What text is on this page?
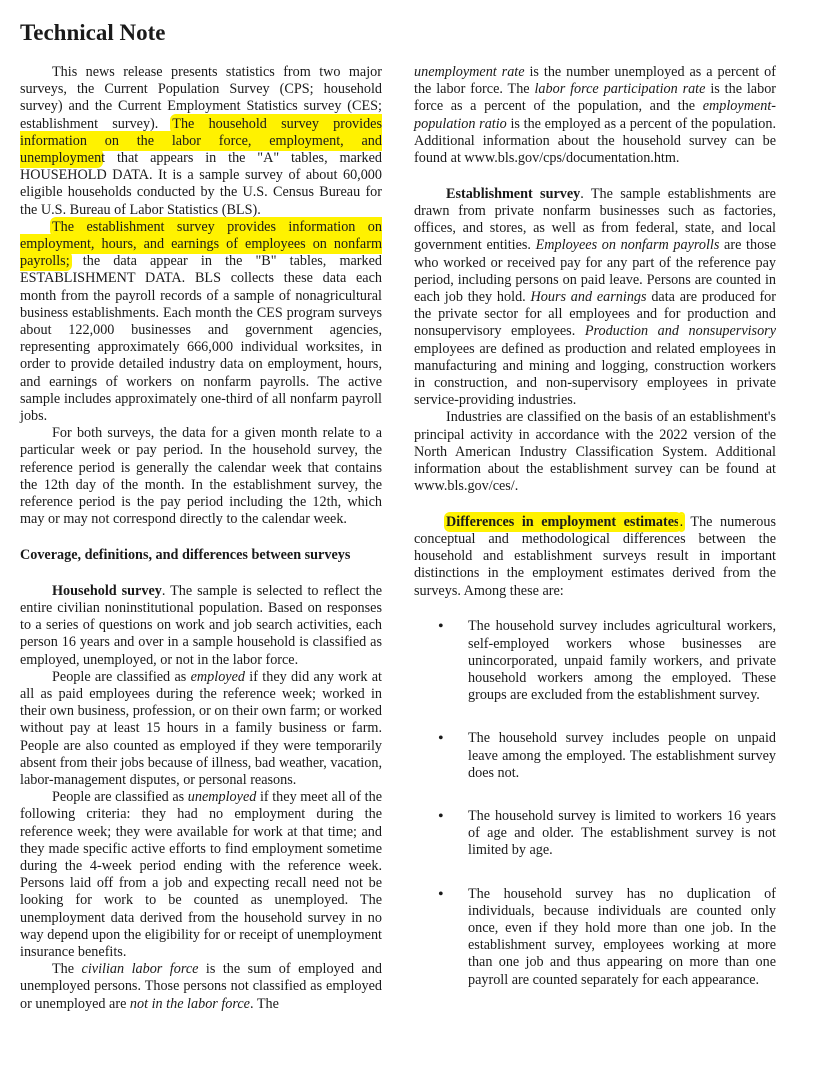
Technical Note

This news release presents statistics from two major surveys, the Current Population Survey (CPS; household survey) and the Current Employment Statistics survey (CES; establishment survey). The household survey provides information on the labor force, employment, and unemployment that appears in the "A" tables, marked HOUSEHOLD DATA. It is a sample survey of about 60,000 eligible households conducted by the U.S. Census Bureau for the U.S. Bureau of Labor Statistics (BLS).

The establishment survey provides information on employment, hours, and earnings of employees on nonfarm payrolls; the data appear in the "B" tables, marked ESTABLISHMENT DATA. BLS collects these data each month from the payroll records of a sample of nonagricultural business establishments. Each month the CES program surveys about 122,000 businesses and government agencies, representing approximately 666,000 individual worksites, in order to provide detailed industry data on employment, hours, and earnings of workers on nonfarm payrolls. The active sample includes approximately one-third of all nonfarm payroll jobs.

For both surveys, the data for a given month relate to a particular week or pay period. In the household survey, the reference period is generally the calendar week that contains the 12th day of the month. In the establishment survey, the reference period is the pay period including the 12th, which may or may not correspond directly to the calendar week.

Coverage, definitions, and differences between surveys

Household survey. The sample is selected to reflect the entire civilian noninstitutional population. Based on responses to a series of questions on work and job search activities, each person 16 years and over in a sample household is classified as employed, unemployed, or not in the labor force.

People are classified as employed if they did any work at all as paid employees during the reference week; worked in their own business, profession, or on their own farm; or worked without pay at least 15 hours in a family business or farm. People are also counted as employed if they were temporarily absent from their jobs because of illness, bad weather, vacation, labor-management disputes, or personal reasons.

People are classified as unemployed if they meet all of the following criteria: they had no employment during the reference week; they were available for work at that time; and they made specific active efforts to find employment sometime during the 4-week period ending with the reference week. Persons laid off from a job and expecting recall need not be looking for work to be counted as unemployed. The unemployment data derived from the household survey in no way depend upon the eligibility for or receipt of unemployment insurance benefits.

The civilian labor force is the sum of employed and unemployed persons. Those persons not classified as employed or unemployed are not in the labor force. The

unemployment rate is the number unemployed as a percent of the labor force. The labor force participation rate is the labor force as a percent of the population, and the employment-population ratio is the employed as a percent of the population. Additional information about the household survey can be found at www.bls.gov/cps/documentation.htm.

Establishment survey. The sample establishments are drawn from private nonfarm businesses such as factories, offices, and stores, as well as from federal, state, and local government entities. Employees on nonfarm payrolls are those who worked or received pay for any part of the reference pay period, including persons on paid leave. Persons are counted in each job they hold. Hours and earnings data are produced for the private sector for all employees and for production and nonsupervisory employees. Production and nonsupervisory employees are defined as production and related employees in manufacturing and mining and logging, construction workers in construction, and non-supervisory employees in private service-providing industries.

Industries are classified on the basis of an establishment's principal activity in accordance with the 2022 version of the North American Industry Classification System. Additional information about the establishment survey can be found at www.bls.gov/ces/.

Differences in employment estimates. The numerous conceptual and methodological differences between the household and establishment surveys result in important distinctions in the employment estimates derived from the surveys. Among these are:

• The household survey includes agricultural workers, self-employed workers whose businesses are unincorporated, unpaid family workers, and private household workers among the employed. These groups are excluded from the establishment survey.
• The household survey includes people on unpaid leave among the employed. The establishment survey does not.
• The household survey is limited to workers 16 years of age and older. The establishment survey is not limited by age.
• The household survey has no duplication of individuals, because individuals are counted only once, even if they hold more than one job. In the establishment survey, employees working at more than one job and thus appearing on more than one payroll are counted separately for each appearance.
